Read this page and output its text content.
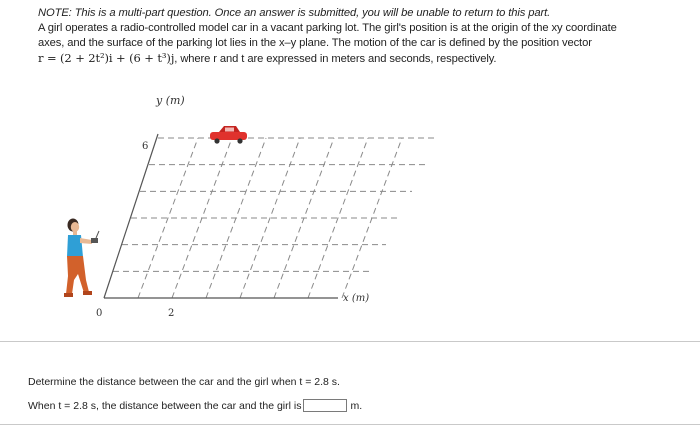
NOTE: This is a multi-part question. Once an answer is submitted, you will be unable to return to this part.

A girl operates a radio-controlled model car in a vacant parking lot. The girl's position is at the origin of the xy coordinate

axes, and the surface of the parking lot lies in the x–y plane. The motion of the car is defined by the position vector

r = (2 + 2t²)i + (6 + t³)j, where r and t are expressed in meters and seconds, respectively.

y (m)
x (m)
6
0	2
Determine the distance between the car and the girl when t = 2.8 s.
When t = 2.8 s, the distance between the car and the girl is	m.
